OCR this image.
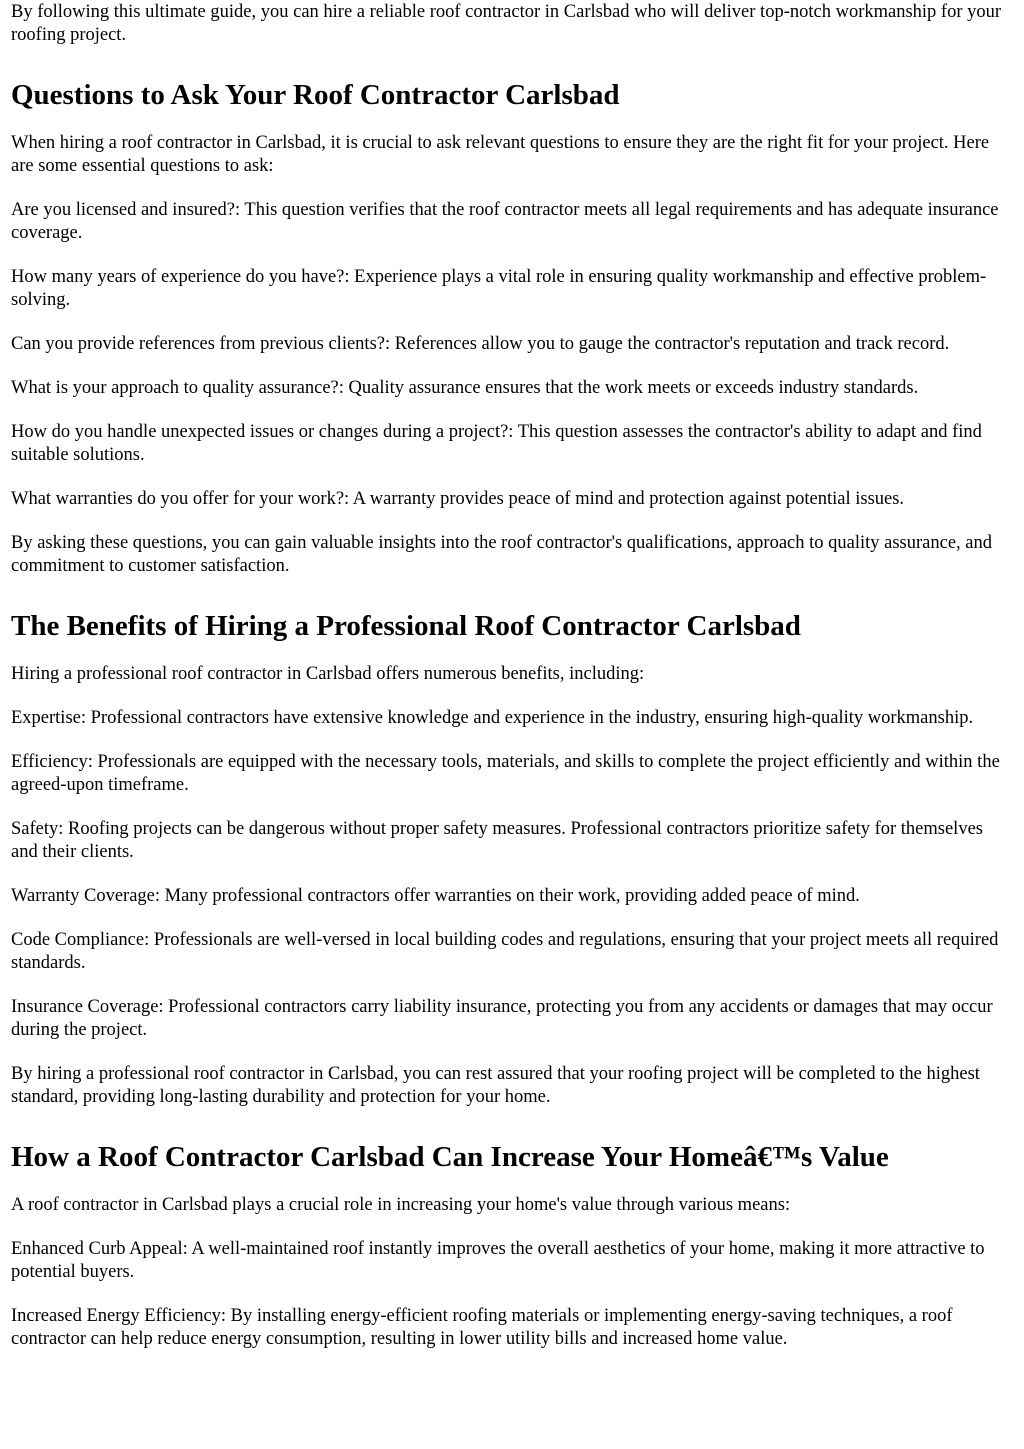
By following this ultimate guide, you can hire a reliable roof contractor in Carlsbad who will deliver top-notch workmanship for your roofing project.

Questions to Ask Your Roof Contractor Carlsbad

When hiring a roof contractor in Carlsbad, it is crucial to ask relevant questions to ensure they are the right fit for your project. Here are some essential questions to ask:

Are you licensed and insured?: This question verifies that the roof contractor meets all legal requirements and has adequate insurance coverage.

How many years of experience do you have?: Experience plays a vital role in ensuring quality workmanship and effective problem-solving.

Can you provide references from previous clients?: References allow you to gauge the contractor's reputation and track record.

What is your approach to quality assurance?: Quality assurance ensures that the work meets or exceeds industry standards.

How do you handle unexpected issues or changes during a project?: This question assesses the contractor's ability to adapt and find suitable solutions.

What warranties do you offer for your work?: A warranty provides peace of mind and protection against potential issues.

By asking these questions, you can gain valuable insights into the roof contractor's qualifications, approach to quality assurance, and commitment to customer satisfaction.

The Benefits of Hiring a Professional Roof Contractor Carlsbad

Hiring a professional roof contractor in Carlsbad offers numerous benefits, including:

Expertise: Professional contractors have extensive knowledge and experience in the industry, ensuring high-quality workmanship.

Efficiency: Professionals are equipped with the necessary tools, materials, and skills to complete the project efficiently and within the agreed-upon timeframe.

Safety: Roofing projects can be dangerous without proper safety measures. Professional contractors prioritize safety for themselves and their clients.

Warranty Coverage: Many professional contractors offer warranties on their work, providing added peace of mind.

Code Compliance: Professionals are well-versed in local building codes and regulations, ensuring that your project meets all required standards.

Insurance Coverage: Professional contractors carry liability insurance, protecting you from any accidents or damages that may occur during the project.

By hiring a professional roof contractor in Carlsbad, you can rest assured that your roofing project will be completed to the highest standard, providing long-lasting durability and protection for your home.

How a Roof Contractor Carlsbad Can Increase Your Homeâ€™s Value

A roof contractor in Carlsbad plays a crucial role in increasing your home's value through various means:

Enhanced Curb Appeal: A well-maintained roof instantly improves the overall aesthetics of your home, making it more attractive to potential buyers.

Increased Energy Efficiency: By installing energy-efficient roofing materials or implementing energy-saving techniques, a roof contractor can help reduce energy consumption, resulting in lower utility bills and increased home value.
